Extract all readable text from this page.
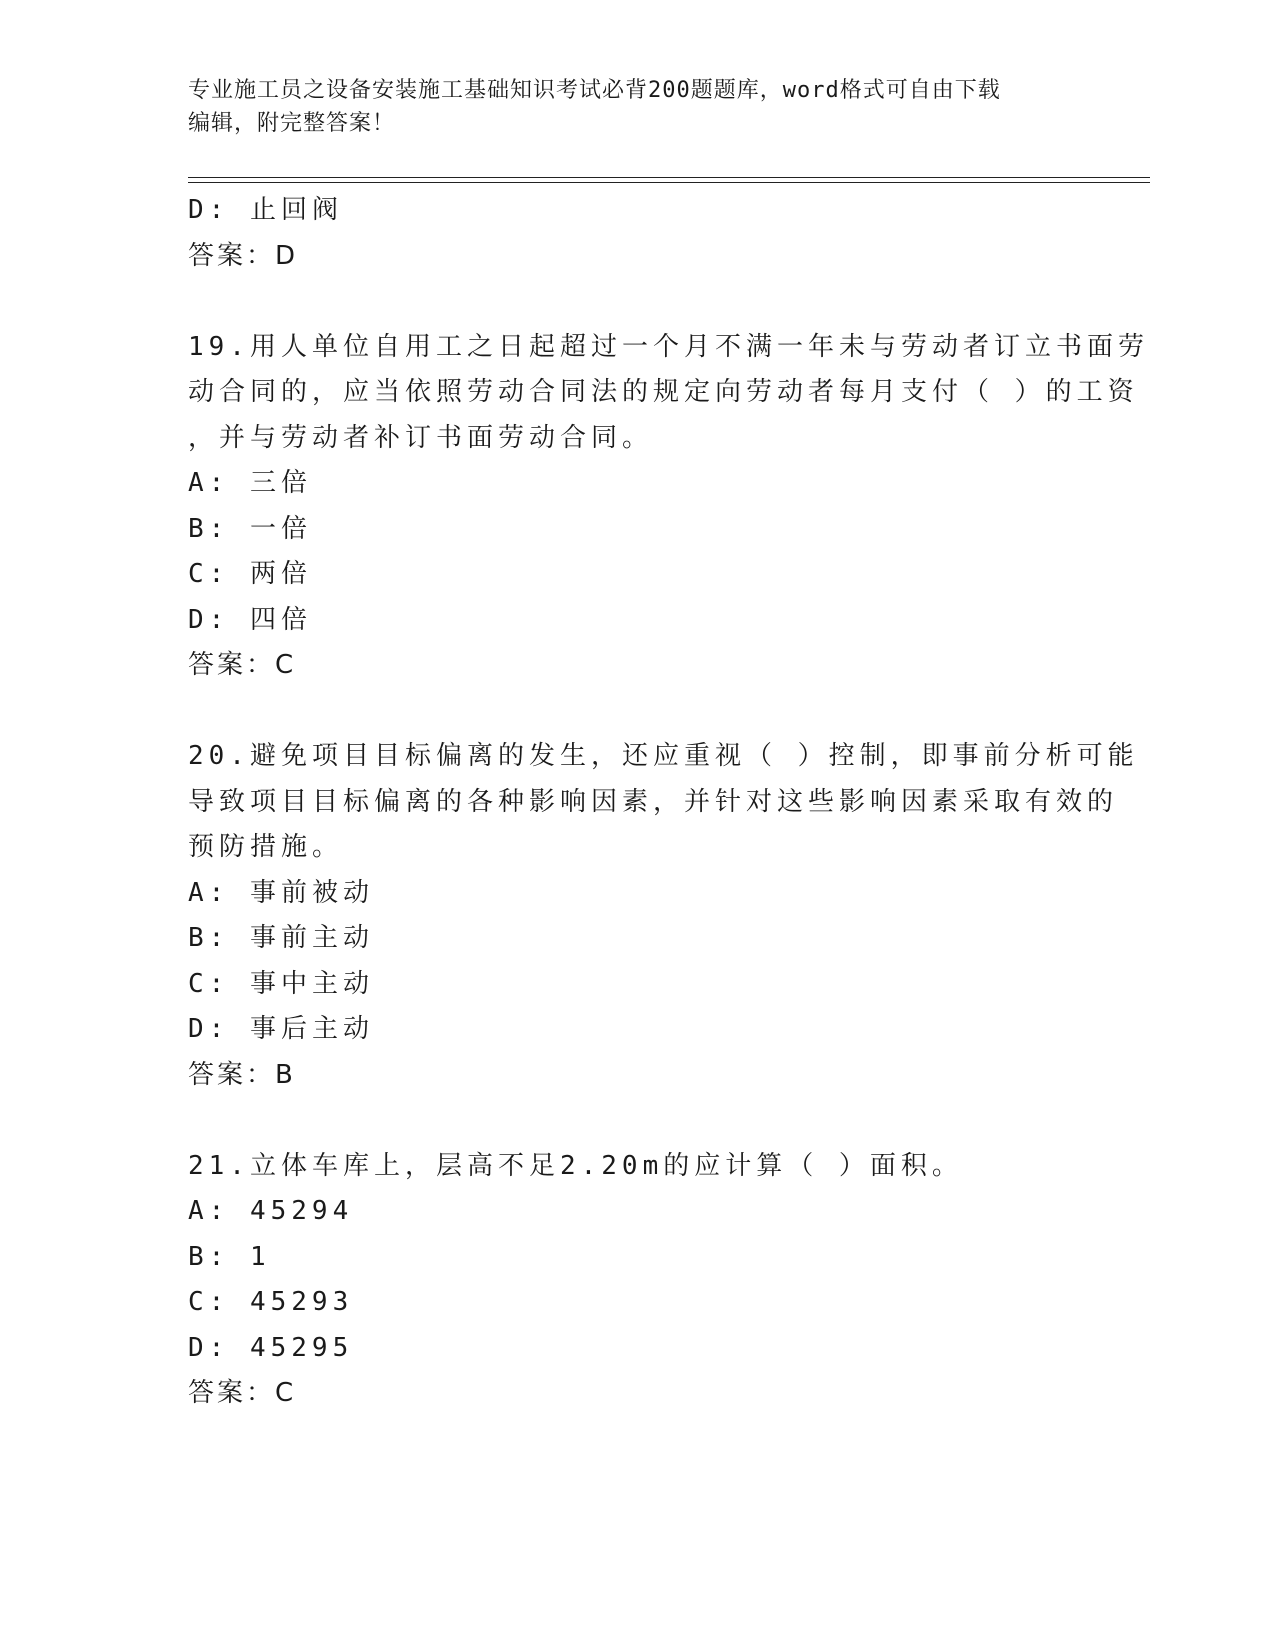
专业施工员之设备安装施工基础知识考试必背200题题库，word格式可自由下载
编辑，附完整答案！
D: 止回阀
答案：D
19.用人单位自用工之日起超过一个月不满一年未与劳动者订立书面劳
动合同的，应当依照劳动合同法的规定向劳动者每月支付（ ）的工资
，并与劳动者补订书面劳动合同。
A: 三倍
B: 一倍
C: 两倍
D: 四倍
答案：C
20.避免项目目标偏离的发生，还应重视（ ）控制，即事前分析可能
导致项目目标偏离的各种影响因素，并针对这些影响因素采取有效的
预防措施。
A: 事前被动
B: 事前主动
C: 事中主动
D: 事后主动
答案：B
21.立体车库上，层高不足2.20m的应计算（ ）面积。
A: 45294
B: 1
C: 45293
D: 45295
答案：C
